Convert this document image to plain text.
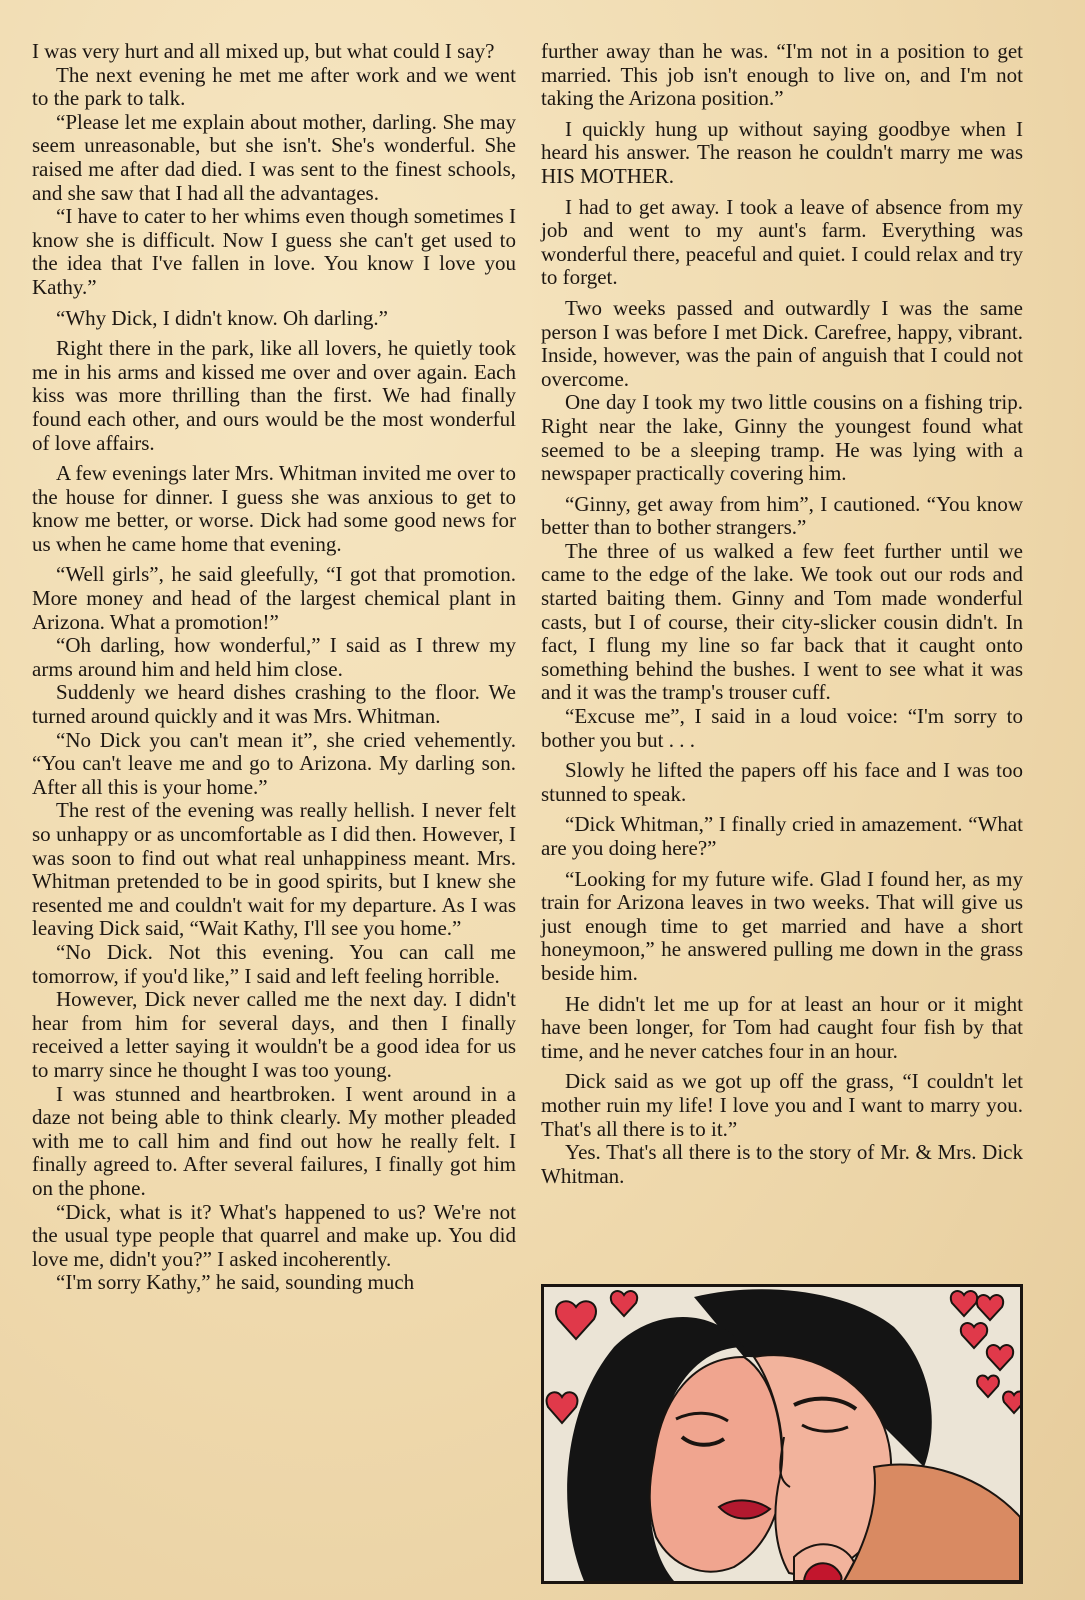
I was very hurt and all mixed up, but what could I say?

The next evening he met me after work and we went to the park to talk.

“Please let me explain about mother, darling. She may seem unreasonable, but she isn't. She's wonderful. She raised me after dad died. I was sent to the finest schools, and she saw that I had all the advantages.

“I have to cater to her whims even though sometimes I know she is difficult. Now I guess she can't get used to the idea that I've fallen in love. You know I love you Kathy.”

“Why Dick, I didn't know. Oh darling.”

Right there in the park, like all lovers, he quietly took me in his arms and kissed me over and over again. Each kiss was more thrilling than the first. We had finally found each other, and ours would be the most wonderful of love affairs.

A few evenings later Mrs. Whitman invited me over to the house for dinner. I guess she was anxious to get to know me better, or worse. Dick had some good news for us when he came home that evening.

“Well girls”, he said gleefully, “I got that promotion. More money and head of the largest chemical plant in Arizona. What a promotion!”

“Oh darling, how wonderful,” I said as I threw my arms around him and held him close.

Suddenly we heard dishes crashing to the floor. We turned around quickly and it was Mrs. Whitman.

“No Dick you can't mean it”, she cried vehemently. “You can't leave me and go to Arizona. My darling son. After all this is your home.”

The rest of the evening was really hellish. I never felt so unhappy or as uncomfortable as I did then. However, I was soon to find out what real unhappiness meant. Mrs. Whitman pretended to be in good spirits, but I knew she resented me and couldn't wait for my departure. As I was leaving Dick said, “Wait Kathy, I'll see you home.”

“No Dick. Not this evening. You can call me tomorrow, if you'd like,” I said and left feeling horrible.

However, Dick never called me the next day. I didn't hear from him for several days, and then I finally received a letter saying it wouldn't be a good idea for us to marry since he thought I was too young.

I was stunned and heartbroken. I went around in a daze not being able to think clearly. My mother pleaded with me to call him and find out how he really felt. I finally agreed to. After several failures, I finally got him on the phone.

“Dick, what is it? What's happened to us? We're not the usual type people that quarrel and make up. You did love me, didn't you?” I asked incoherently.

“I'm sorry Kathy,” he said, sounding much

further away than he was. “I'm not in a position to get married. This job isn't enough to live on, and I'm not taking the Arizona position.”

I quickly hung up without saying goodbye when I heard his answer. The reason he couldn't marry me was HIS MOTHER.

I had to get away. I took a leave of absence from my job and went to my aunt's farm. Everything was wonderful there, peaceful and quiet. I could relax and try to forget.

Two weeks passed and outwardly I was the same person I was before I met Dick. Carefree, happy, vibrant. Inside, however, was the pain of anguish that I could not overcome.

One day I took my two little cousins on a fishing trip. Right near the lake, Ginny the youngest found what seemed to be a sleeping tramp. He was lying with a newspaper practically covering him.

“Ginny, get away from him”, I cautioned. “You know better than to bother strangers.”

The three of us walked a few feet further until we came to the edge of the lake. We took out our rods and started baiting them. Ginny and Tom made wonderful casts, but I of course, their city-slicker cousin didn't. In fact, I flung my line so far back that it caught onto something behind the bushes. I went to see what it was and it was the tramp's trouser cuff.

“Excuse me”, I said in a loud voice: “I'm sorry to bother you but . . .

Slowly he lifted the papers off his face and I was too stunned to speak.

“Dick Whitman,” I finally cried in amazement. “What are you doing here?”

“Looking for my future wife. Glad I found her, as my train for Arizona leaves in two weeks. That will give us just enough time to get married and have a short honeymoon,” he answered pulling me down in the grass beside him.

He didn't let me up for at least an hour or it might have been longer, for Tom had caught four fish by that time, and he never catches four in an hour.

Dick said as we got up off the grass, “I couldn't let mother ruin my life! I love you and I want to marry you. That's all there is to it.”

Yes. That's all there is to the story of Mr. & Mrs. Dick Whitman.
